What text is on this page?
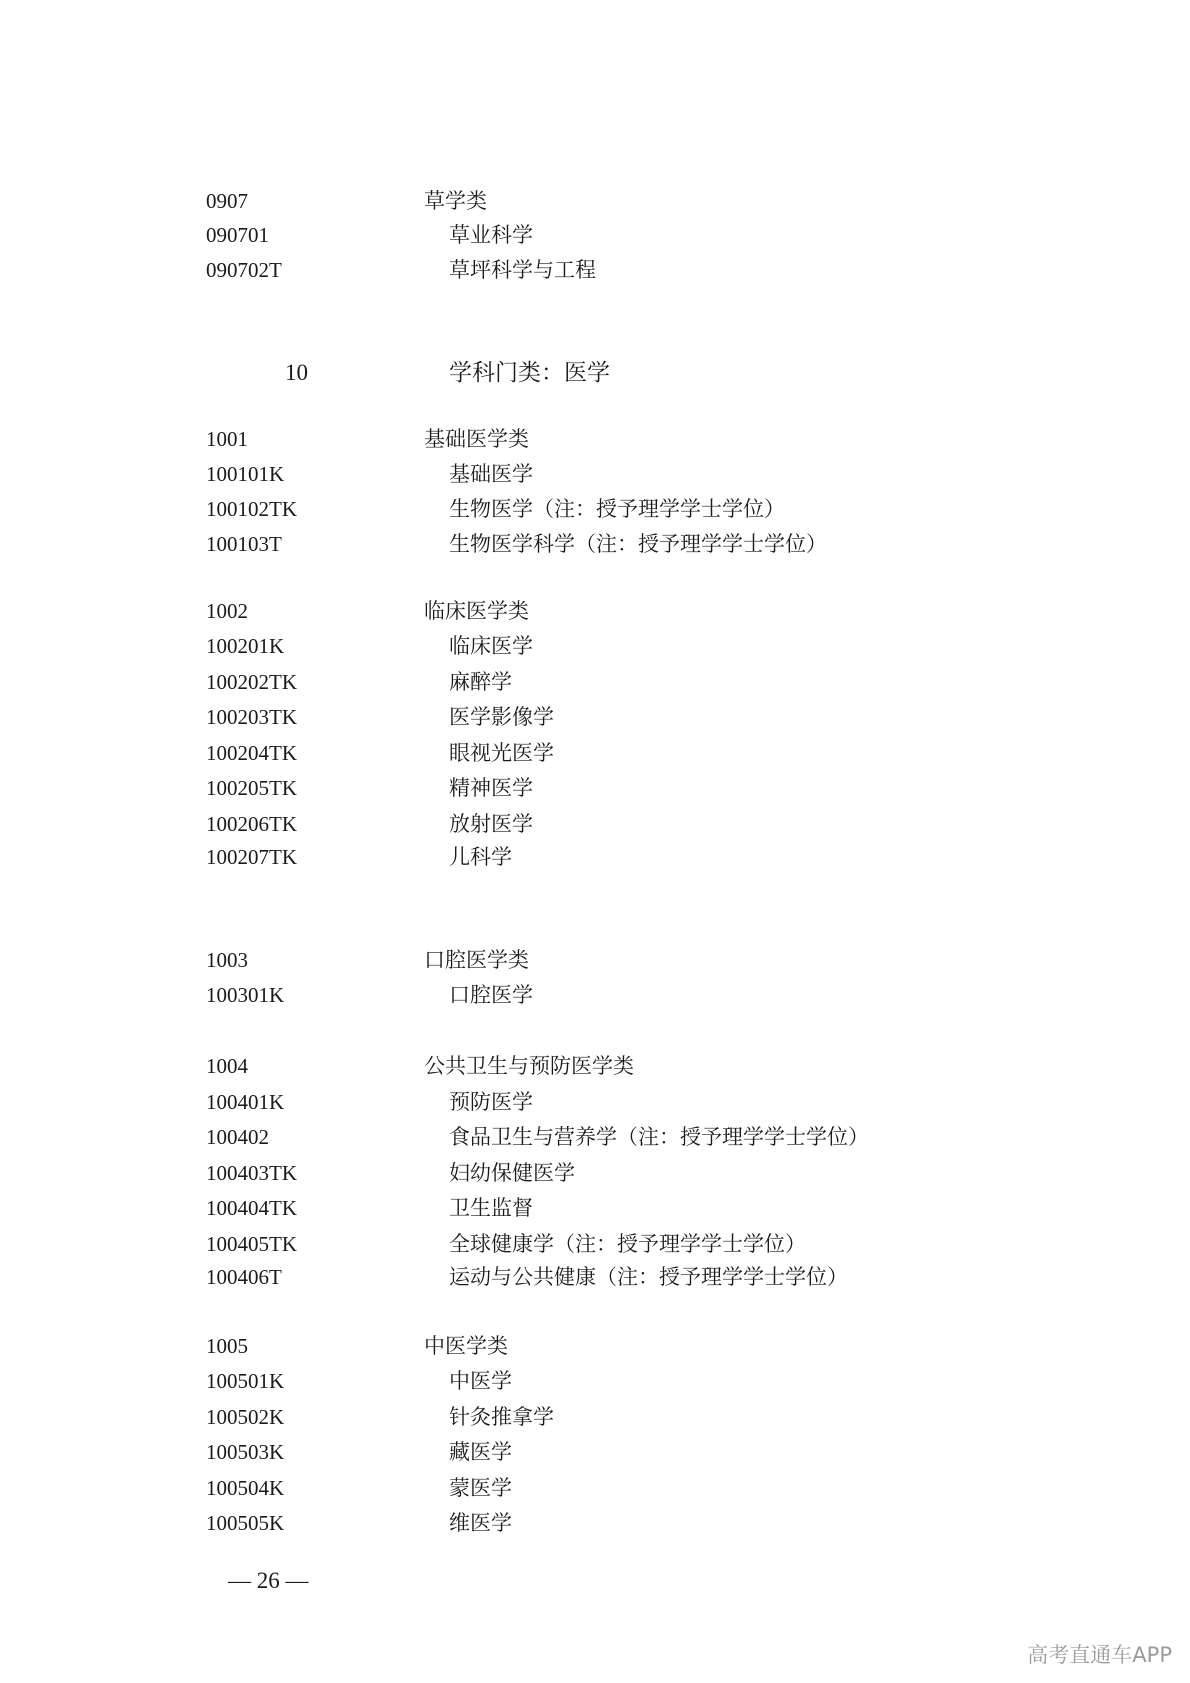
0907	草学类
090701	草业科学
090702T	草坪科学与工程
10	学科门类：医学
1001	基础医学类
100101K	基础医学
100102TK	生物医学（注：授予理学学士学位）
100103T	生物医学科学（注：授予理学学士学位）
1002	临床医学类
100201K	临床医学
100202TK	麻醉学
100203TK	医学影像学
100204TK	眼视光医学
100205TK	精神医学
100206TK	放射医学
100207TK	儿科学
1003	口腔医学类
100301K	口腔医学
1004	公共卫生与预防医学类
100401K	预防医学
100402	食品卫生与营养学（注：授予理学学士学位）
100403TK	妇幼保健医学
100404TK	卫生监督
100405TK	全球健康学（注：授予理学学士学位）
100406T	运动与公共健康（注：授予理学学士学位）
1005	中医学类
100501K	中医学
100502K	针灸推拿学
100503K	藏医学
100504K	蒙医学
100505K	维医学
— 26 —
高考直通车APP
